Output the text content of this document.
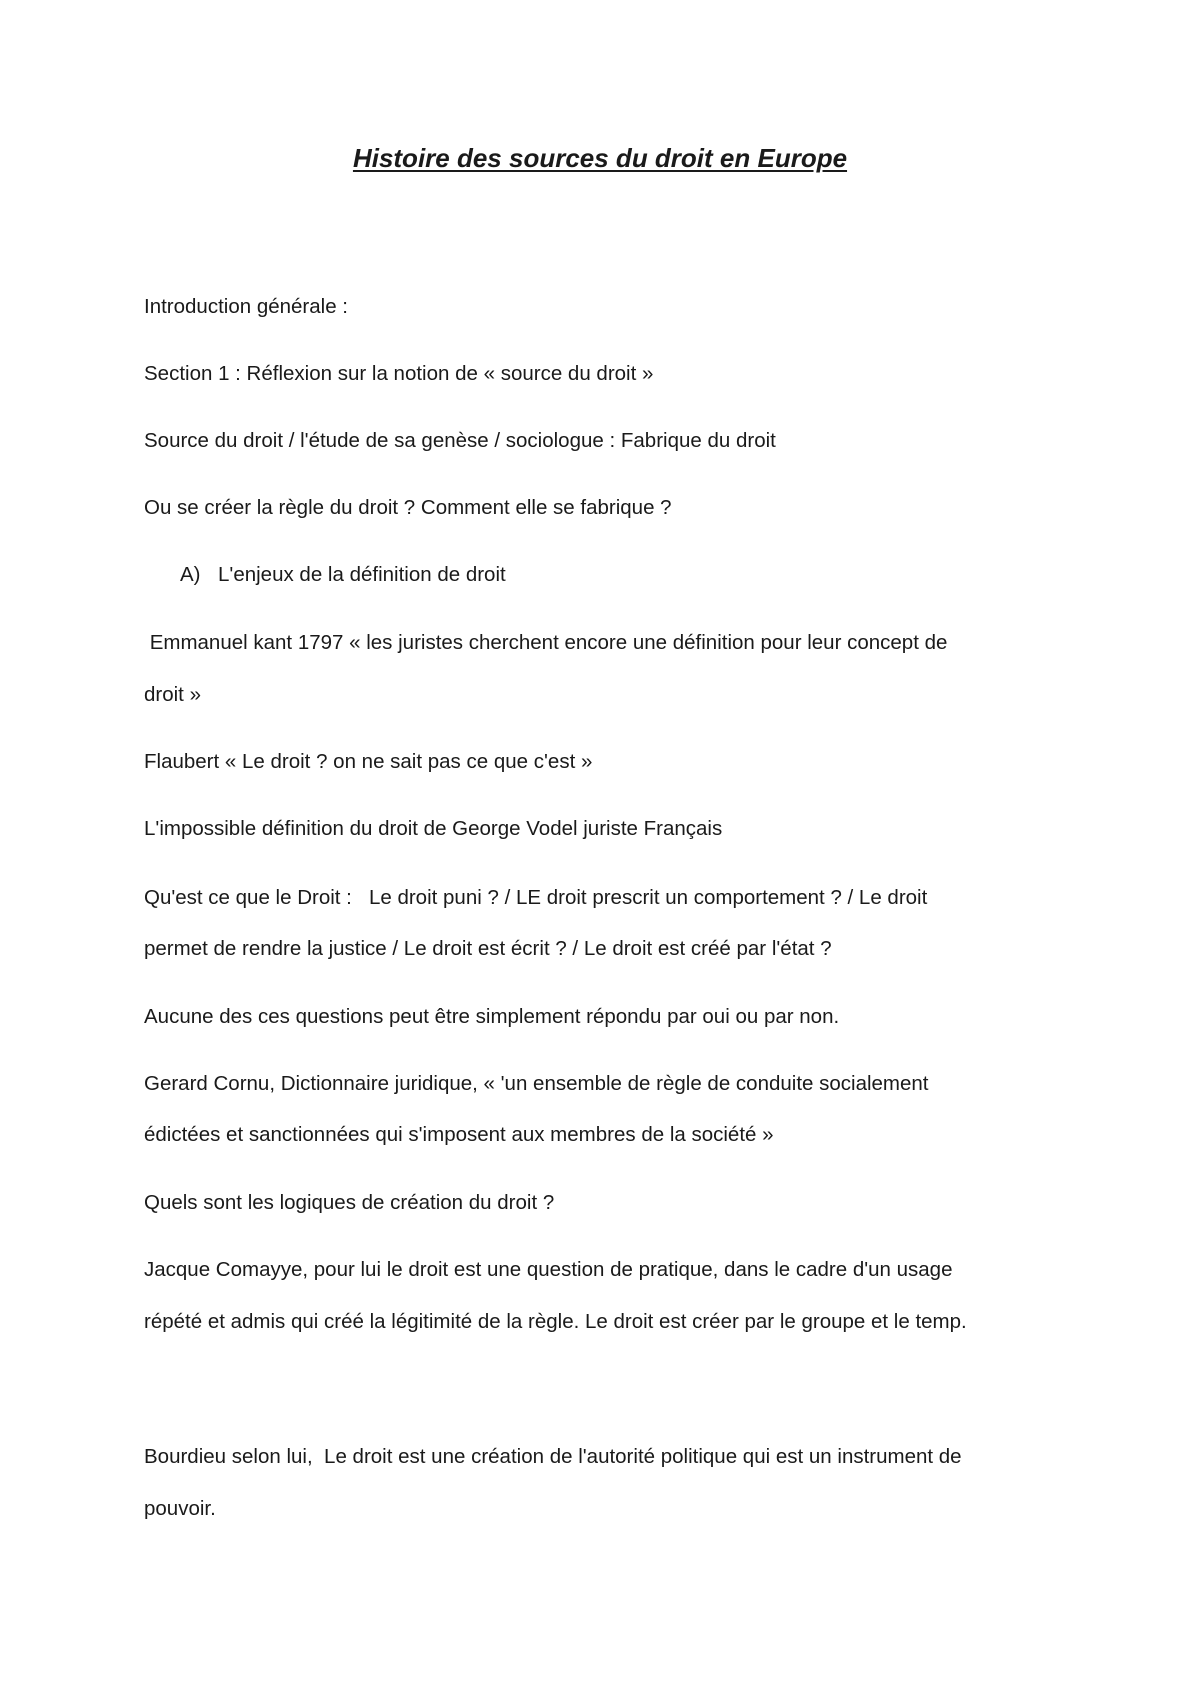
Histoire des sources du droit en Europe

Introduction générale :

Section 1 : Réflexion sur la notion de « source du droit »

Source du droit / l'étude de sa genèse / sociologue : Fabrique du droit

Ou se créer la règle du droit ? Comment elle se fabrique ?

A) L'enjeux de la définition de droit

Emmanuel kant 1797 « les juristes cherchent encore une définition pour leur concept de

droit »

Flaubert « Le droit ? on ne sait pas ce que c'est »

L'impossible définition du droit de George Vodel juriste Français

Qu'est ce que le Droit :   Le droit puni ? / LE droit prescrit un comportement ? / Le droit

permet de rendre la justice / Le droit est écrit ? / Le droit est créé par l'état ?

Aucune des ces questions peut être simplement répondu par oui ou par non.

Gerard Cornu, Dictionnaire juridique, « 'un ensemble de règle de conduite socialement

édictées et sanctionnées qui s'imposent aux membres de la société »

Quels sont les logiques de création du droit ?

Jacque Comayye, pour lui le droit est une question de pratique, dans le cadre d'un usage

répété et admis qui créé la légitimité de la règle. Le droit est créer par le groupe et le temp.

Bourdieu selon lui,  Le droit est une création de l'autorité politique qui est un instrument de

pouvoir.
